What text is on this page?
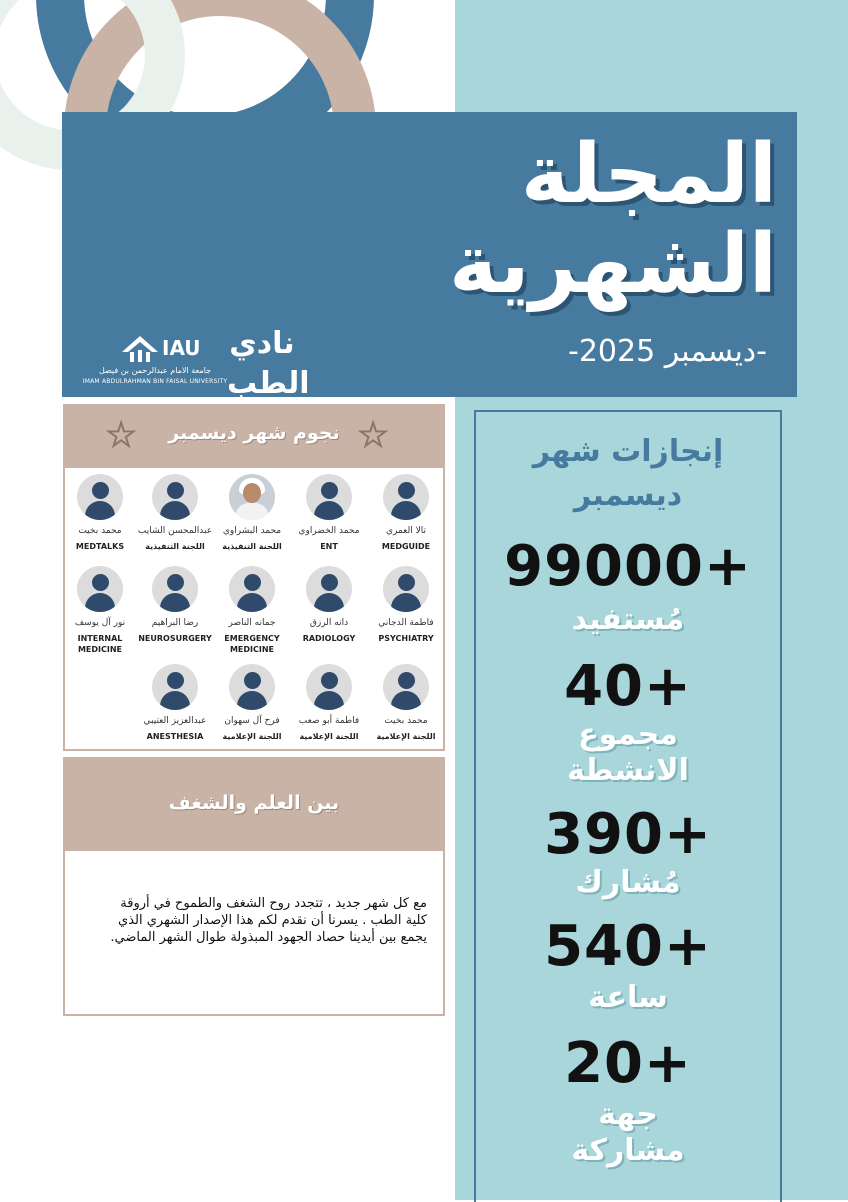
المجلة
الشهرية
-ديسمبر 2025-
IAU
جامعة الامام عبدالرحمن بن فيصل
IMAM ABDULRAHMAN BIN FAISAL UNIVERSITY
نادي الطب
☆	نجوم شهر ديسمبر ☆
تالا العمري
MEDGUIDE
محمد الخضراوي
ENT
محمد البشراوي
اللجنة التنفيذية
عبدالمحسن الشايب
اللجنة التنفيذية
محمد بخيت
MEDTALKS
فاطمة الدجاني
PSYCHIATRY
دانه الرزق
RADIOLOGY
جمانه الناصر
EMERGENCY MEDICINE
رضا البراهيم
NEUROSURGERY
نور آل يوسف
INTERNAL MEDICINE
محمد بخيت
اللجنة الإعلامية
فاطمة أبو صعب
اللجنة الإعلامية
فرح آل سهوان
اللجنة الإعلامية
عبدالعزيز العتيبي
ANESTHESIA
بين العلم والشغف
مع كل شهر جديد ، تتجدد روح الشغف والطموح في أروقة كلية الطب . يسرنا أن نقدم لكم هذا الإصدار الشهري الذي يجمع بين أيدينا حصاد الجهود المبذولة طوال الشهر الماضي.
إنجازات شهر ديسمبر
99000+
مُستفيد
40+
مجموع الانشطة
390+
مُشارك
540+
ساعة
20+
جهة مشاركة
